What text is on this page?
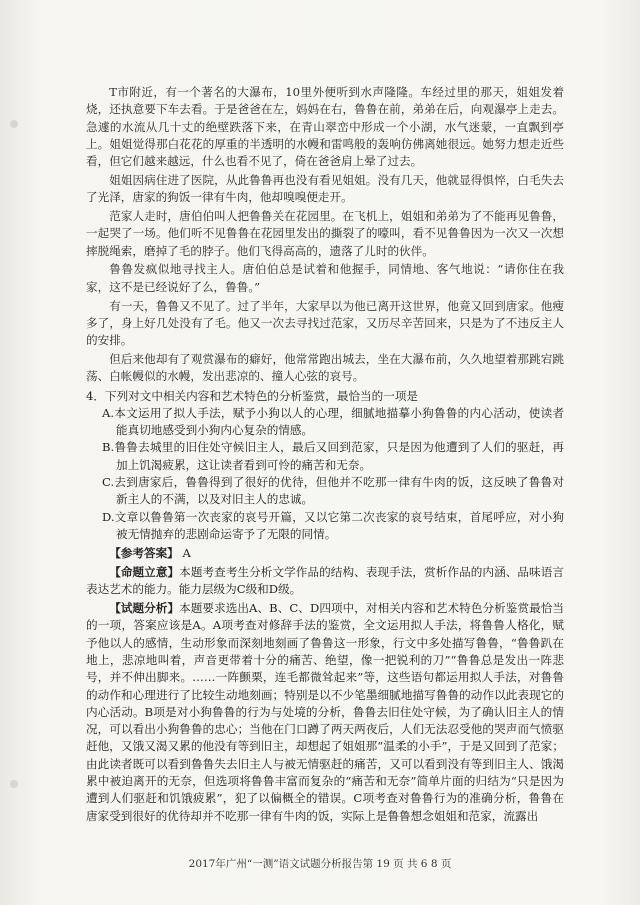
T市附近，有一个著名的大瀑布，10里外便听到水声隆隆。车经过里的那天，姐姐发着烧，还执意要下车去看。于是爸爸在左，妈妈在右，鲁鲁在前，弟弟在后，向观瀑亭上走去。急遽的水流从几十丈的绝壁跌落下来，在青山翠峦中形成一个小湖，水气迷蒙，一直飘到亭上。姐姐觉得那白花花的厚重的半透明的水幔和雷鸣般的轰响仿佛离她很远。她努力想走近些看，但它们越来越远，什么也看不见了，倚在爸爸肩上晕了过去。

姐姐因病住进了医院，从此鲁鲁再也没有看见姐姐。没有几天，他就显得惧悴，白毛失去了光泽，唐家的狗饭一律有牛肉，他却嗅嗅便走开。

范家人走时，唐伯伯叫人把鲁鲁关在花园里。在飞机上，姐姐和弟弟为了不能再见鲁鲁，一起哭了一场。他们听不见鲁鲁在花园里发出的撕裂了的嚎叫，看不见鲁鲁因为一次又一次想摔脱绳索，磨掉了毛的脖子。他们飞得高高的，遗落了儿时的伙伴。

鲁鲁发疯似地寻找主人。唐伯伯总是试着和他握手，同情地、客气地说：“请你住在我家，这不是已经说好了么，鲁鲁。”

有一天，鲁鲁又不见了。过了半年，大家早以为他已离开这世界，他竟又回到唐家。他瘦多了，身上好几处没有了毛。他又一次去寻找过范家，又历尽辛苦回来，只是为了不违反主人的安排。

但后来他却有了观赏瀑布的癖好，他常常跑出城去，坐在大瀑布前，久久地望着那跳宕跳荡、白帐幔似的水幔，发出悲凉的、撞人心弦的哀号。

4．下列对文中相关内容和艺术特色的分析鉴赏，最恰当的一项是

A.本文运用了拟人手法，赋予小狗以人的心理，细腻地描摹小狗鲁鲁的内心活动，使读者能真切地感受到小狗内心复杂的情感。

B.鲁鲁去城里的旧住处守候旧主人，最后又回到范家，只是因为他遭到了人们的驱赶，再加上饥渴疲累，这让读者看到可怜的痛苦和无奈。

C.去到唐家后，鲁鲁得到了很好的优待，但他并不吃那一律有牛肉的饭，这反映了鲁鲁对新主人的不满，以及对旧主人的忠诚。

D.文章以鲁鲁第一次丧家的哀号开篇，又以它第二次丧家的哀号结束，首尾呼应，对小狗被无情抛弃的悲剧命运寄予了无限的同情。

【参考答案】 A

【命题立意】本题考查考生分析文学作品的结构、表现手法，赏析作品的内涵、品味语言表达艺术的能力。能力层级为C级和D级。

【试题分析】本题要求选出A、B、C、D四项中，对相关内容和艺术特色分析鉴赏最恰当的一项，答案应该是A。A项考查对修辞手法的鉴赏，全文运用拟人手法，将鲁鲁人格化，赋予他以人的感情，生动形象而深刻地刻画了鲁鲁这一形象，行文中多处描写鲁鲁，“鲁鲁趴在地上，悲凉地叫着，声音更带着十分的痛苦、绝望，像一把锐利的刀”“鲁鲁总是发出一阵悲号，并不伸出脚来。……一阵颤栗，连毛都微耸起来”等，这些语句都运用拟人手法，对鲁鲁的动作和心理进行了比较生动地刻画；特别是以不少笔墨细腻地描写鲁鲁的动作以此表现它的内心活动。B项是对小狗鲁鲁的行为与处境的分析，鲁鲁去旧住处守候，为了确认旧主人的情况，可以看出小狗鲁鲁的忠心；当他在门口蹲了两天两夜后，人们无法忍受他的哭声而气愤驱赶他，又饿又渴又累的他没有等到旧主，却想起了姐姐那“温柔的小手”，于是又回到了范家；由此读者既可以看到鲁鲁失去旧主人与被无情驱赶的痛苦，又可以看到没有等到旧主人、饿渴累中被迫离开的无奈，但选项将鲁鲁丰富而复杂的“痛苦和无奈”简单片面的归结为“只是因为遭到人们驱赶和饥饿疲累”，犯了以偏概全的错误。C项考查对鲁鲁行为的准确分析，鲁鲁在唐家受到很好的优待却并不吃那一律有牛肉的饭，实际上是鲁鲁想念姐姐和范家，流露出

2017年广州“一测”语文试题分析报告第 19 页 共 6 8 页
